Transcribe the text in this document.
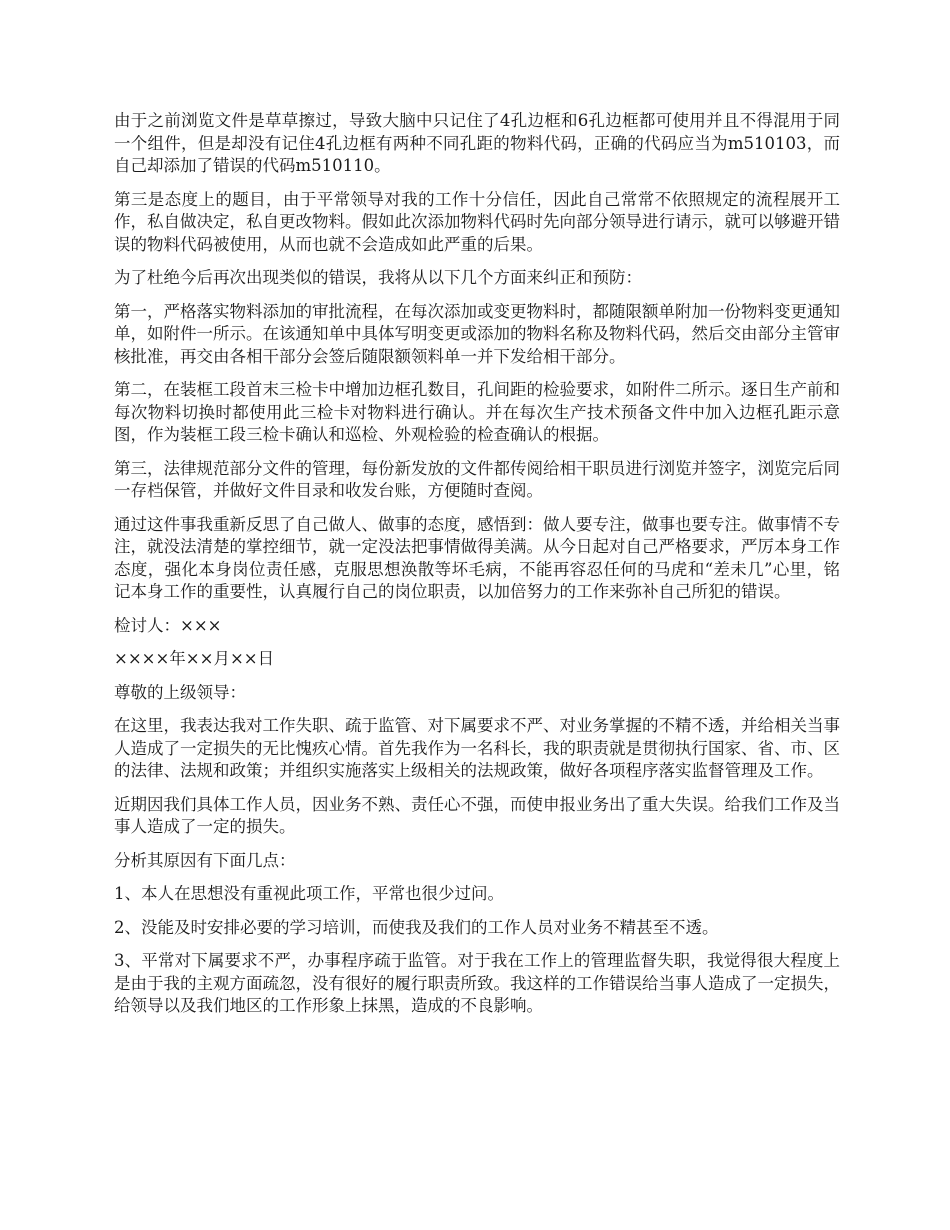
由于之前浏览文件是草草擦过，导致大脑中只记住了4孔边框和6孔边框都可使用并且不得混用于同一个组件，但是却没有记住4孔边框有两种不同孔距的物料代码，正确的代码应当为m510103，而自己却添加了错误的代码m510110。

第三是态度上的题目，由于平常领导对我的工作十分信任，因此自己常常不依照规定的流程展开工作，私自做决定，私自更改物料。假如此次添加物料代码时先向部分领导进行请示，就可以够避开错误的物料代码被使用，从而也就不会造成如此严重的后果。

为了杜绝今后再次出现类似的错误，我将从以下几个方面来纠正和预防：

第一，严格落实物料添加的审批流程，在每次添加或变更物料时，都随限额单附加一份物料变更通知单，如附件一所示。在该通知单中具体写明变更或添加的物料名称及物料代码，然后交由部分主管审核批准，再交由各相干部分会签后随限额领料单一并下发给相干部分。

第二，在装框工段首末三检卡中增加边框孔数目，孔间距的检验要求，如附件二所示。逐日生产前和每次物料切换时都使用此三检卡对物料进行确认。并在每次生产技术预备文件中加入边框孔距示意图，作为装框工段三检卡确认和巡检、外观检验的检查确认的根据。

第三，法律规范部分文件的管理，每份新发放的文件都传阅给相干职员进行浏览并签字，浏览完后同一存档保管，并做好文件目录和收发台账，方便随时查阅。

通过这件事我重新反思了自己做人、做事的态度，感悟到：做人要专注，做事也要专注。做事情不专注，就没法清楚的掌控细节，就一定没法把事情做得美满。从今日起对自己严格要求，严厉本身工作态度，强化本身岗位责任感，克服思想涣散等坏毛病，不能再容忍任何的马虎和“差未几”心里，铭记本身工作的重要性，认真履行自己的岗位职责，以加倍努力的工作来弥补自己所犯的错误。

检讨人：×××

××××年××月××日

尊敬的上级领导：

在这里，我表达我对工作失职、疏于监管、对下属要求不严、对业务掌握的不精不透，并给相关当事人造成了一定损失的无比愧疚心情。首先我作为一名科长，我的职责就是贯彻执行国家、省、市、区的法律、法规和政策；并组织实施落实上级相关的法规政策，做好各项程序落实监督管理及工作。

近期因我们具体工作人员，因业务不熟、责任心不强，而使申报业务出了重大失误。给我们工作及当事人造成了一定的损失。

分析其原因有下面几点：

1、本人在思想没有重视此项工作，平常也很少过问。

2、没能及时安排必要的学习培训，而使我及我们的工作人员对业务不精甚至不透。

3、平常对下属要求不严，办事程序疏于监管。对于我在工作上的管理监督失职，我觉得很大程度上是由于我的主观方面疏忽，没有很好的履行职责所致。我这样的工作错误给当事人造成了一定损失，给领导以及我们地区的工作形象上抹黑，造成的不良影响。
